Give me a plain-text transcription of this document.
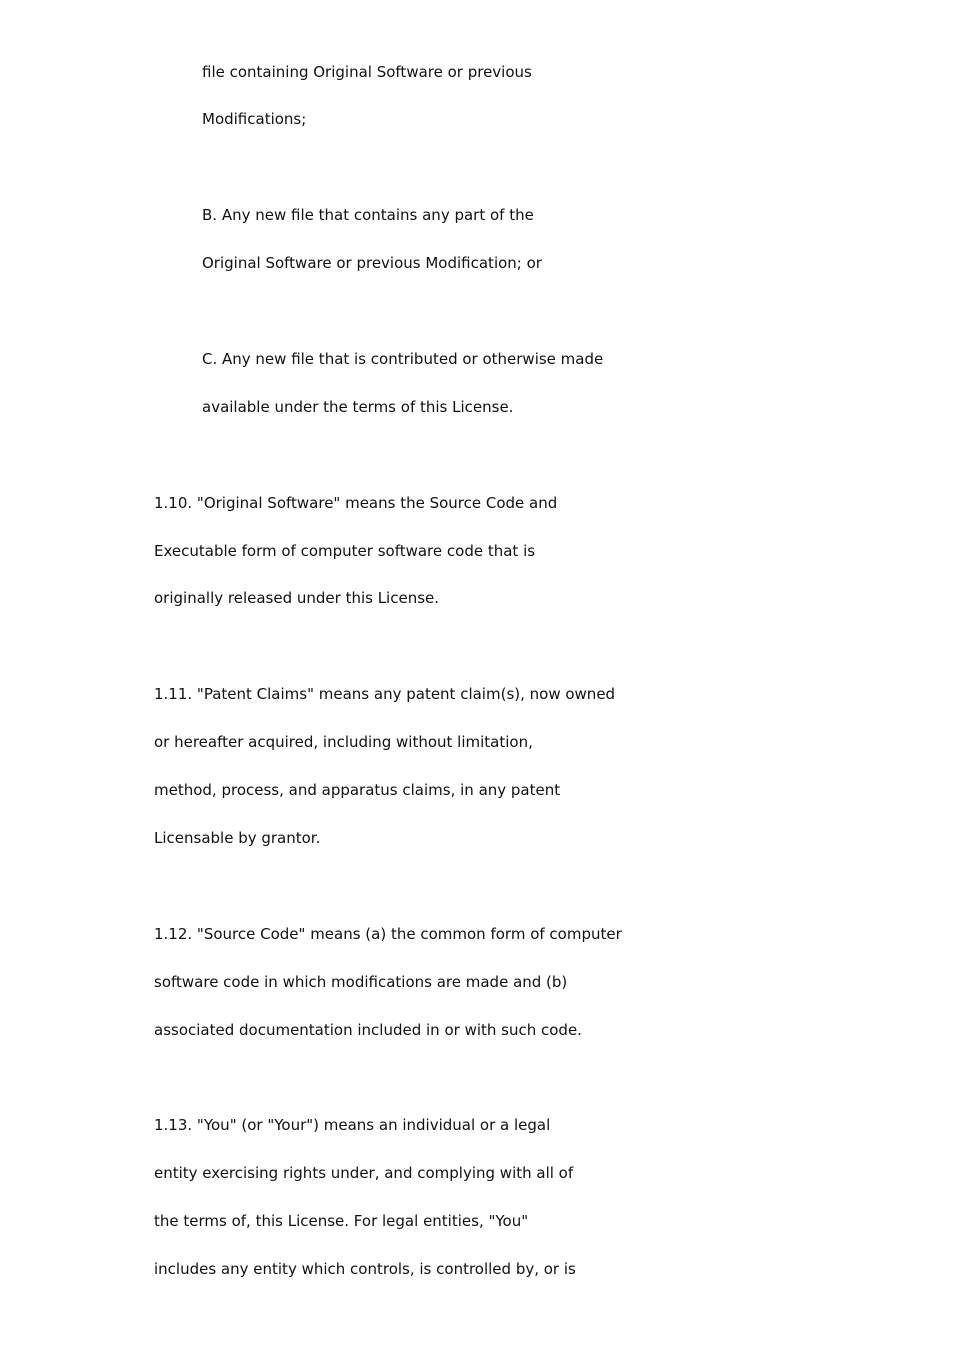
file containing Original Software or previous
Modifications;
B. Any new file that contains any part of the
Original Software or previous Modification; or
C. Any new file that is contributed or otherwise made
available under the terms of this License.
1.10. "Original Software" means the Source Code and
Executable form of computer software code that is
originally released under this License.
1.11. "Patent Claims" means any patent claim(s), now owned
or hereafter acquired, including without limitation,
method, process, and apparatus claims, in any patent
Licensable by grantor.
1.12. "Source Code" means (a) the common form of computer
software code in which modifications are made and (b)
associated documentation included in or with such code.
1.13. "You" (or "Your") means an individual or a legal
entity exercising rights under, and complying with all of
the terms of, this License. For legal entities, "You"
includes any entity which controls, is controlled by, or is
